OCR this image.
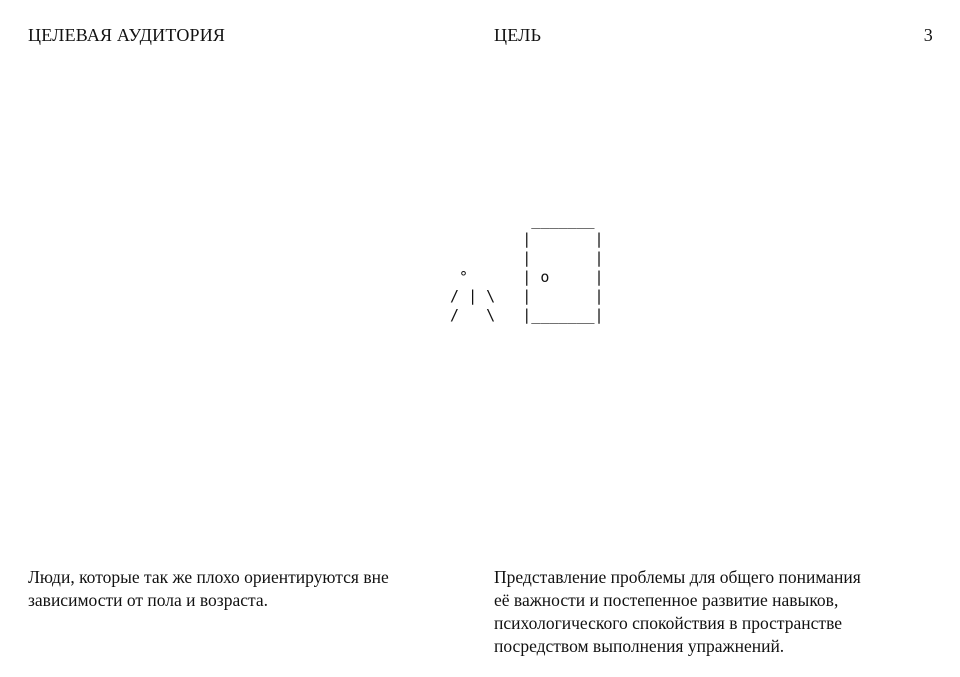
ЦЕЛЕВАЯ АУДИТОРИЯ	ЦЕЛЬ	3
_______
|       |
|       |
°      | o     |
/ | \   |       |
/   \   |_______|

Люди, которые так же плохо ориентируются вне
зависимости от пола и возраста.

Представление проблемы для общего понимания
её важности и постепенное развитие навыков,
психологического спокойствия в пространстве
посредством выполнения упражнений.
